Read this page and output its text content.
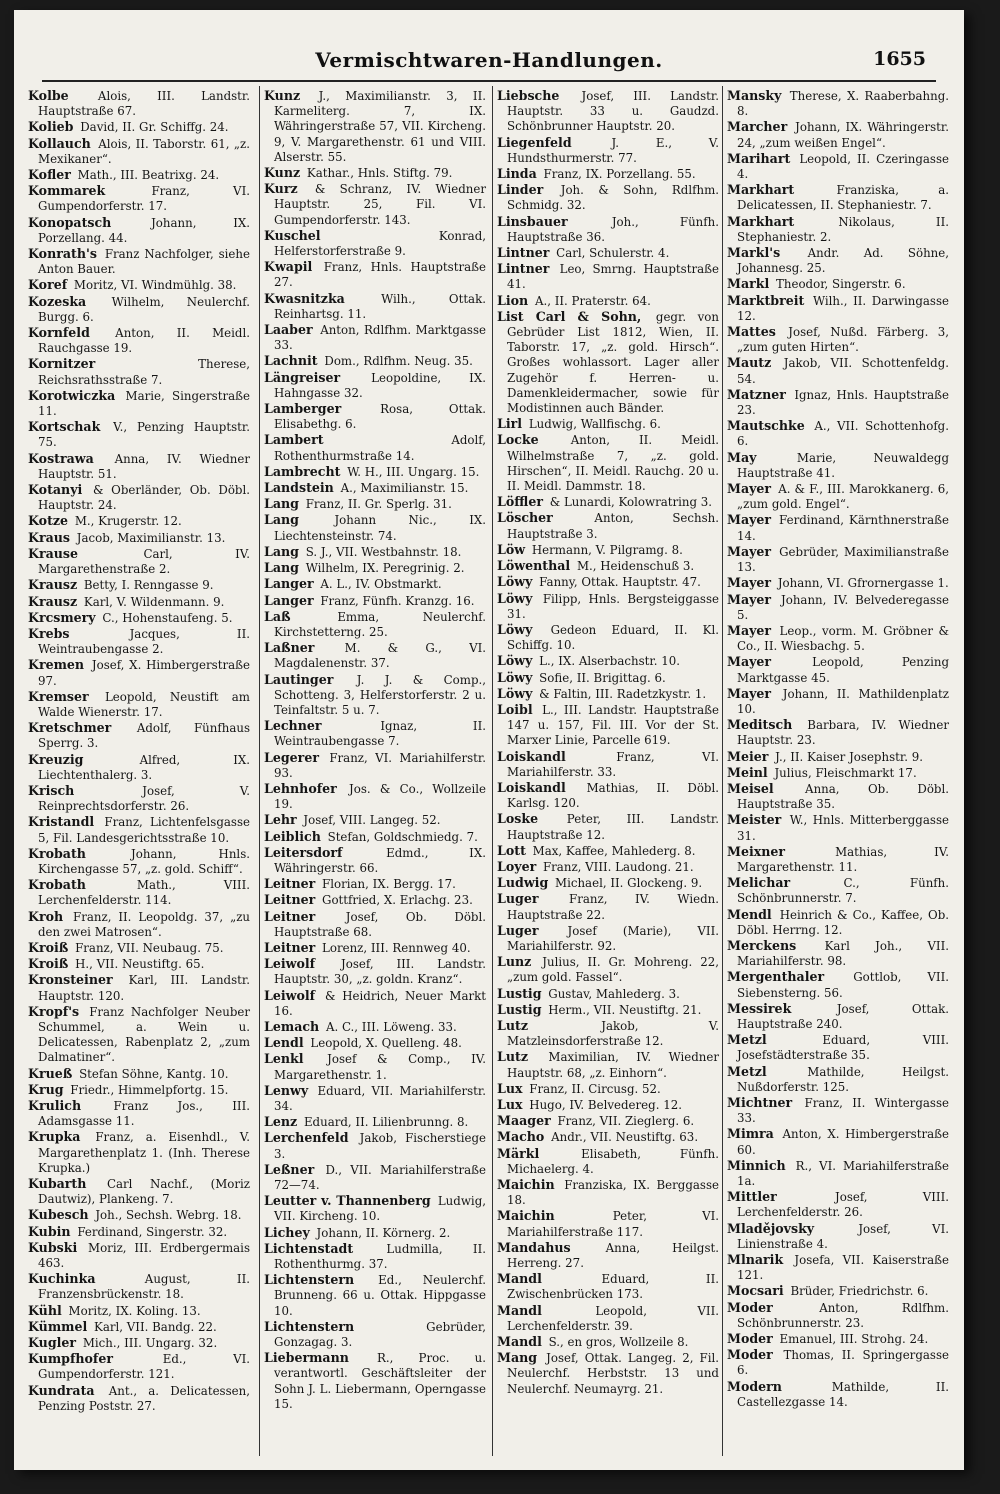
Vermischtwaren-Handlungen.	1655

Kolbe Alois, III. Landstr. Hauptstraße 67.

Kolieb David, II. Gr. Schiffg. 24.

Kollauch Alois, II. Taborstr. 61, „z. Mexikaner“.

Kofler Math., III. Beatrixg. 24.

Kommarek	Franz, VI. Gumpendorferstr. 17.

Konopatsch	Johann, IX. Porzellang. 44.

Konrath's Franz Nachfolger, siehe Anton Bauer.

Koref Moritz, VI. Windmühlg. 38.

Kozeska Wilhelm, Neulerchf. Burgg. 6.

Kornfeld Anton, II. Meidl. Rauchgasse 19.

Kornitzer	Therese, Reichsrathsstraße 7.

Korotwiczka Marie, Singerstraße 11.

Kortschak V., Penzing Hauptstr. 75.

Kostrawa Anna, IV. Wiedner Hauptstr. 51.

Kotanyi & Oberländer, Ob. Döbl. Hauptstr. 24.

Kotze M., Krugerstr. 12.

Kraus Jacob, Maximilianstr. 13.

Krause	Carl, IV. Margarethenstraße 2.

Krausz Betty, I. Renngasse 9.

Krausz Karl, V. Wildenmann. 9.

Krcsmery C., Hohenstaufeng. 5.

Krebs	Jacques, II. Weintraubengasse 2.

Kremen Josef, X. Himbergerstraße 97.

Kremser Leopold, Neustift am Walde Wienerstr. 17.

Kretschmer Adolf, Fünfhaus Sperrg. 3.

Kreuzig	Alfred, IX. Liechtenthalerg. 3.

Krisch	Josef, V. Reinprechtsdorferstr. 26.

Kristandl Franz, Lichtenfelsgasse 5, Fil. Landesgerichtsstraße 10.

Krobath	Johann, Hnls. Kirchengasse 57, „z. gold. Schiff“.

Krobath	Math., VIII. Lerchenfelderstr. 114.

Kroh Franz, II. Leopoldg. 37, „zu den zwei Matrosen“.

Kroiß Franz, VII. Neubaug. 75.

Kroiß H., VII. Neustiftg. 65.

Kronsteiner Karl, III. Landstr. Hauptstr. 120.

Kropf's Franz Nachfolger Neuber Schummel, a. Wein u. Delicatessen, Rabenplatz 2, „zum Dalmatiner“.

Krueß Stefan Söhne, Kantg. 10.

Krug Friedr., Himmelpfortg. 15.

Krulich	Franz Jos., III. Adamsgasse 11.

Krupka Franz, a. Eisenhdl., V. Margarethenplatz 1. (Inh. Therese Krupka.)

Kubarth Carl Nachf., (Moriz Dautwiz), Plankeng. 7.

Kubesch Joh., Sechsh. Webrg. 18.

Kubin Ferdinand, Singerstr. 32.

Kubski Moriz, III. Erdbergermais 463.

Kuchinka	August, II. Franzensbrückenstr. 18.

Kühl Moritz, IX. Koling. 13.

Kümmel Karl, VII. Bandg. 22.

Kugler Mich., III. Ungarg. 32.

Kumpfhofer	Ed., VI. Gumpendorferstr. 121.

Kundrata Ant., a. Delicatessen, Penzing Poststr. 27.

Kunz J., Maximilianstr. 3, II. Karmeliterg. 7, IX. Währingerstraße 57, VII. Kircheng. 9, V. Margarethenstr. 61 und VIII. Alserstr. 55.

Kunz Kathar., Hnls. Stiftg. 79.

Kurz & Schranz, IV. Wiedner Hauptstr. 25, Fil. VI. Gumpendorferstr. 143.

Kuschel	Konrad, Helferstorferstraße 9.

Kwapil Franz, Hnls. Hauptstraße 27.

Kwasnitzka	Wilh., Ottak. Reinhartsg. 11.

Laaber Anton, Rdlfhm. Marktgasse 33.

Lachnit Dom., Rdlfhm. Neug. 35.

Längreiser	Leopoldine, IX. Hahngasse 32.

Lamberger	Rosa, Ottak. Elisabethg. 6.

Lambert	Adolf, Rothenthurmstraße 14.

Lambrecht W. H., III. Ungarg. 15.

Landstein A., Maximilianstr. 15.

Lang Franz, II. Gr. Sperlg. 31.

Lang	Johann Nic., IX. Liechtensteinstr. 74.

Lang S. J., VII. Westbahnstr. 18.

Lang Wilhelm, IX. Peregrinig. 2.

Langer A. L., IV. Obstmarkt.

Langer Franz, Fünfh. Kranzg. 16.

Laß	Emma, Neulerchf. Kirchstetterng. 25.

Laßner	M. & G., VI. Magdalenenstr. 37.

Lautinger J. J. & Comp., Schotteng. 3, Helferstorferstr. 2 u. Teinfaltstr. 5 u. 7.

Lechner	Ignaz, II. Weintraubengasse 7.

Legerer Franz, VI. Mariahilferstr. 93.

Lehnhofer Jos. & Co., Wollzeile 19.

Lehr Josef, VIII. Langeg. 52.

Leiblich Stefan, Goldschmiedg. 7.

Leitersdorf	Edmd., IX. Währingerstr. 66.

Leitner Florian, IX. Bergg. 17.

Leitner Gottfried, X. Erlachg. 23.

Leitner	Josef, Ob. Döbl. Hauptstraße 68.

Leitner Lorenz, III. Rennweg 40.

Leiwolf Josef, III. Landstr. Hauptstr. 30, „z. goldn. Kranz“.

Leiwolf & Heidrich, Neuer Markt 16.

Lemach A. C., III. Löweng. 33.

Lendl Leopold, X. Quelleng. 48.

Lenkl Josef & Comp., IV. Margarethenstr. 1.

Lenwy Eduard, VII. Mariahilferstr. 34.

Lenz Eduard, II. Lilienbrunng. 8.

Lerchenfeld Jakob, Fischerstiege 3.

Leßner D., VII. Mariahilferstraße 72—74.

Leutter v. Thannenberg Ludwig, VII. Kircheng. 10.

Lichey Johann, II. Körnerg. 2.

Lichtenstadt	Ludmilla, II. Rothenthurmg. 37.

Lichtenstern Ed., Neulerchf. Brunneng. 66 u. Ottak. Hippgasse 10.

Lichtenstern	Gebrüder, Gonzagag. 3.

Liebermann R., Proc. u. verantwortl. Geschäftsleiter der Sohn J. L. Liebermann, Operngasse 15.

Liebsche Josef, III. Landstr. Hauptstr. 33 u. Gaudzd. Schönbrunner Hauptstr. 20.

Liegenfeld	J. E., V. Hundsthurmerstr. 77.

Linda Franz, IX. Porzellang. 55.

Linder Joh. & Sohn, Rdlfhm. Schmidg. 32.

Linsbauer	Joh., Fünfh. Hauptstraße 36.

Lintner Carl, Schulerstr. 4.

Lintner Leo, Smrng. Hauptstraße 41.

Lion A., II. Praterstr. 64.

List Carl & Sohn, gegr. von Gebrüder List 1812, Wien, II. Taborstr. 17, „z. gold. Hirsch“. Großes wohlassort. Lager aller Zugehör f. Herren- u. Damenkleidermacher, sowie für Modistinnen auch Bänder.

Lirl Ludwig, Wallfischg. 6.

Locke	Anton, II. Meidl. Wilhelmstraße 7, „z. gold. Hirschen“, II. Meidl. Rauchg. 20 u. II. Meidl. Dammstr. 18.

Löffler & Lunardi, Kolowratring 3.

Löscher	Anton, Sechsh. Hauptstraße 3.

Löw Hermann, V. Pilgramg. 8.

Löwenthal M., Heidenschuß 3.

Löwy Fanny, Ottak. Hauptstr. 47.

Löwy Filipp, Hnls. Bergsteiggasse 31.

Löwy Gedeon Eduard, II. Kl. Schiffg. 10.

Löwy L., IX. Alserbachstr. 10.

Löwy Sofie, II. Brigittag. 6.

Löwy & Faltin, III. Radetzkystr. 1.

Loibl L., III. Landstr. Hauptstraße 147 u. 157, Fil. III. Vor der St. Marxer Linie, Parcelle 619.

Loiskandl	Franz, VI. Mariahilferstr. 33.

Loiskandl Mathias, II. Döbl. Karlsg. 120.

Loske Peter, III. Landstr. Hauptstraße 12.

Lott Max, Kaffee, Mahlederg. 8.

Loyer Franz, VIII. Laudong. 21.

Ludwig Michael, II. Glockeng. 9.

Luger	Franz, IV. Wiedn. Hauptstraße 22.

Luger Josef (Marie), VII. Mariahilferstr. 92.

Lunz Julius, II. Gr. Mohreng. 22, „zum gold. Fassel“.

Lustig Gustav, Mahlederg. 3.

Lustig Herm., VII. Neustiftg. 21.

Lutz	Jakob, V. Matzleinsdorferstraße 12.

Lutz Maximilian, IV. Wiedner Hauptstr. 68, „z. Einhorn“.

Lux Franz, II. Circusg. 52.

Lux Hugo, IV. Belvedereg. 12.

Maager Franz, VII. Zieglerg. 6.

Macho Andr., VII. Neustiftg. 63.

Märkl	Elisabeth, Fünfh. Michaelerg. 4.

Maichin Franziska, IX. Berggasse 18.

Maichin	Peter, VI. Mariahilferstraße 117.

Mandahus	Anna, Heilgst. Herreng. 27.

Mandl	Eduard, II. Zwischenbrücken 173.

Mandl	Leopold, VII. Lerchenfelderstr. 39.

Mandl S., en gros, Wollzeile 8.

Mang Josef, Ottak. Langeg. 2, Fil. Neulerchf. Herbststr. 13 und Neulerchf. Neumayrg. 21.

Mansky Therese, X. Raaberbahng. 8.

Marcher Johann, IX. Währingerstr. 24, „zum weißen Engel“.

Marihart Leopold, II. Czeringasse 4.

Markhart	Franziska, a. Delicatessen, II. Stephaniestr. 7.

Markhart	Nikolaus, II. Stephaniestr. 2.

Markl's Andr. Ad. Söhne, Johannesg. 25.

Markl Theodor, Singerstr. 6.

Marktbreit Wilh., II. Darwingasse 12.

Mattes Josef, Nußd. Färberg. 3, „zum guten Hirten“.

Mautz Jakob, VII. Schottenfeldg. 54.

Matzner Ignaz, Hnls. Hauptstraße 23.

Mautschke A., VII. Schottenhofg. 6.

May	Marie, Neuwaldegg Hauptstraße 41.

Mayer A. & F., III. Marokkanerg. 6, „zum gold. Engel“.

Mayer Ferdinand, Kärnthnerstraße 14.

Mayer Gebrüder, Maximilianstraße 13.

Mayer Johann, VI. Gfrornergasse 1.

Mayer Johann, IV. Belvederegasse 5.

Mayer Leop., vorm. M. Gröbner & Co., II. Wiesbachg. 5.

Mayer	Leopold, Penzing Marktgasse 45.

Mayer Johann, II. Mathildenplatz 10.

Meditsch Barbara, IV. Wiedner Hauptstr. 23.

Meier J., II. Kaiser Josephstr. 9.

Meinl Julius, Fleischmarkt 17.

Meisel	Anna, Ob. Döbl. Hauptstraße 35.

Meister W., Hnls. Mitterberggasse 31.

Meixner	Mathias, IV. Margarethenstr. 11.

Melichar	C., Fünfh. Schönbrunnerstr. 7.

Mendl Heinrich & Co., Kaffee, Ob. Döbl. Herrng. 12.

Merckens Karl Joh., VII. Mariahilferstr. 98.

Mergenthaler Gottlob, VII. Siebensterng. 56.

Messirek	Josef, Ottak. Hauptstraße 240.

Metzl	Eduard, VIII. Josefstädterstraße 35.

Metzl	Mathilde, Heilgst. Nußdorferstr. 125.

Michtner Franz, II. Wintergasse 33.

Mimra Anton, X. Himbergerstraße 60.

Minnich R., VI. Mariahilferstraße 1a.

Mittler	Josef, VIII. Lerchenfelderstr. 26.

Mladějovsky	Josef, VI. Linienstraße 4.

Mlnarik Josefa, VII. Kaiserstraße 121.

Mocsari Brüder, Friedrichstr. 6.

Moder	Anton, Rdlfhm. Schönbrunnerstr. 23.

Moder Emanuel, III. Strohg. 24.

Moder Thomas, II. Springergasse 6.

Modern	Mathilde, II. Castellezgasse 14.
